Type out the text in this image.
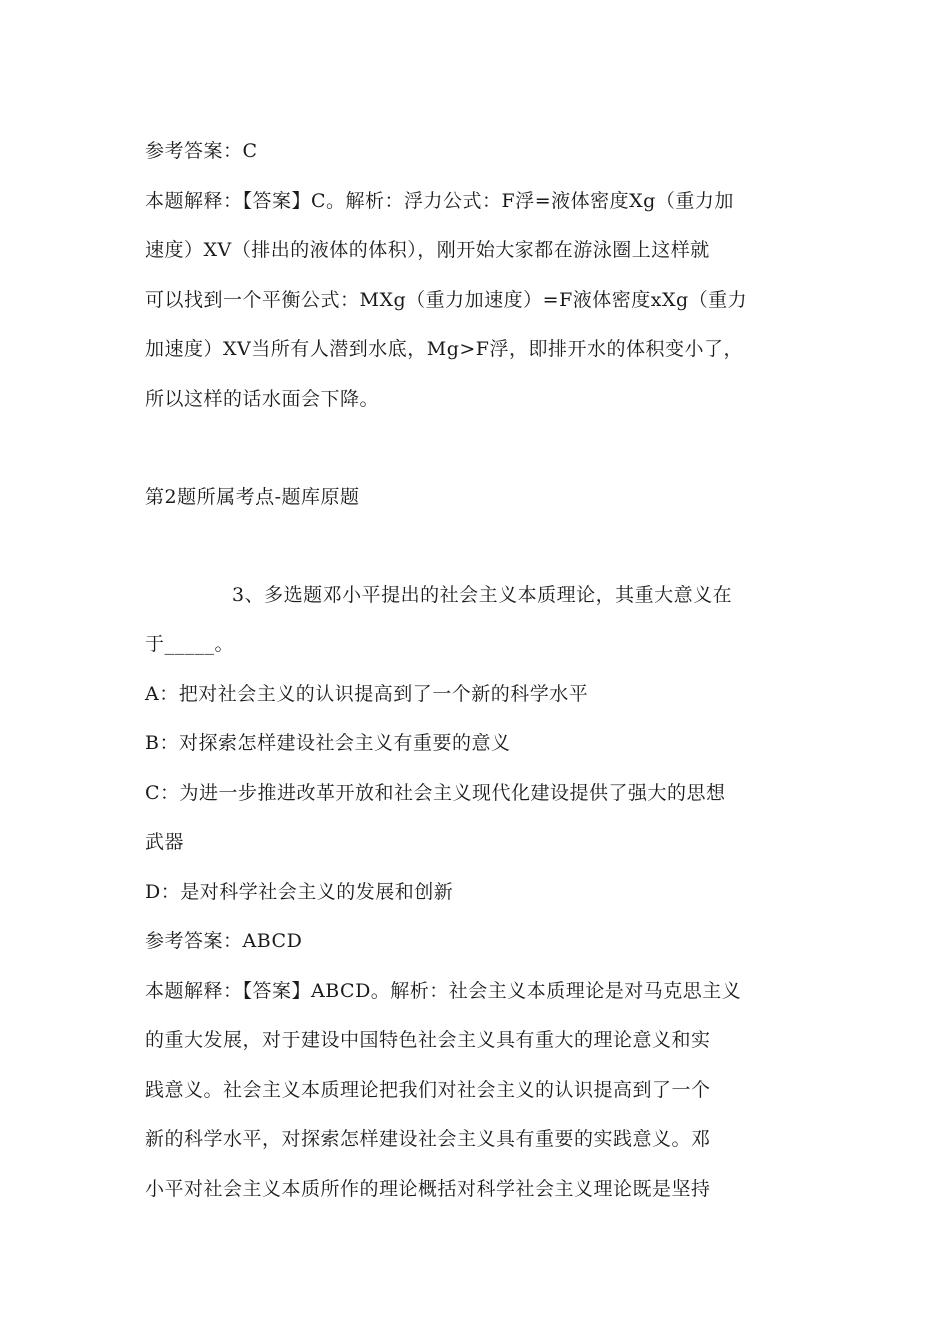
参考答案：C
本题解释：【答案】C。解析：浮力公式：F浮=液体密度Xg（重力加
速度）XV（排出的液体的体积），刚开始大家都在游泳圈上这样就
可以找到一个平衡公式：MXg（重力加速度）=F液体密度xXg（重力
加速度）XV当所有人潜到水底，Mg>F浮，即排开水的体积变小了，
所以这样的话水面会下降。
第2题所属考点-题库原题
3、多选题邓小平提出的社会主义本质理论，其重大意义在
于_____。
A：把对社会主义的认识提高到了一个新的科学水平
B：对探索怎样建设社会主义有重要的意义
C：为进一步推进改革开放和社会主义现代化建设提供了强大的思想
武器
D：是对科学社会主义的发展和创新
参考答案：ABCD
本题解释：【答案】ABCD。解析：社会主义本质理论是对马克思主义
的重大发展，对于建设中国特色社会主义具有重大的理论意义和实
践意义。社会主义本质理论把我们对社会主义的认识提高到了一个
新的科学水平，对探索怎样建设社会主义具有重要的实践意义。邓
小平对社会主义本质所作的理论概括对科学社会主义理论既是坚持
